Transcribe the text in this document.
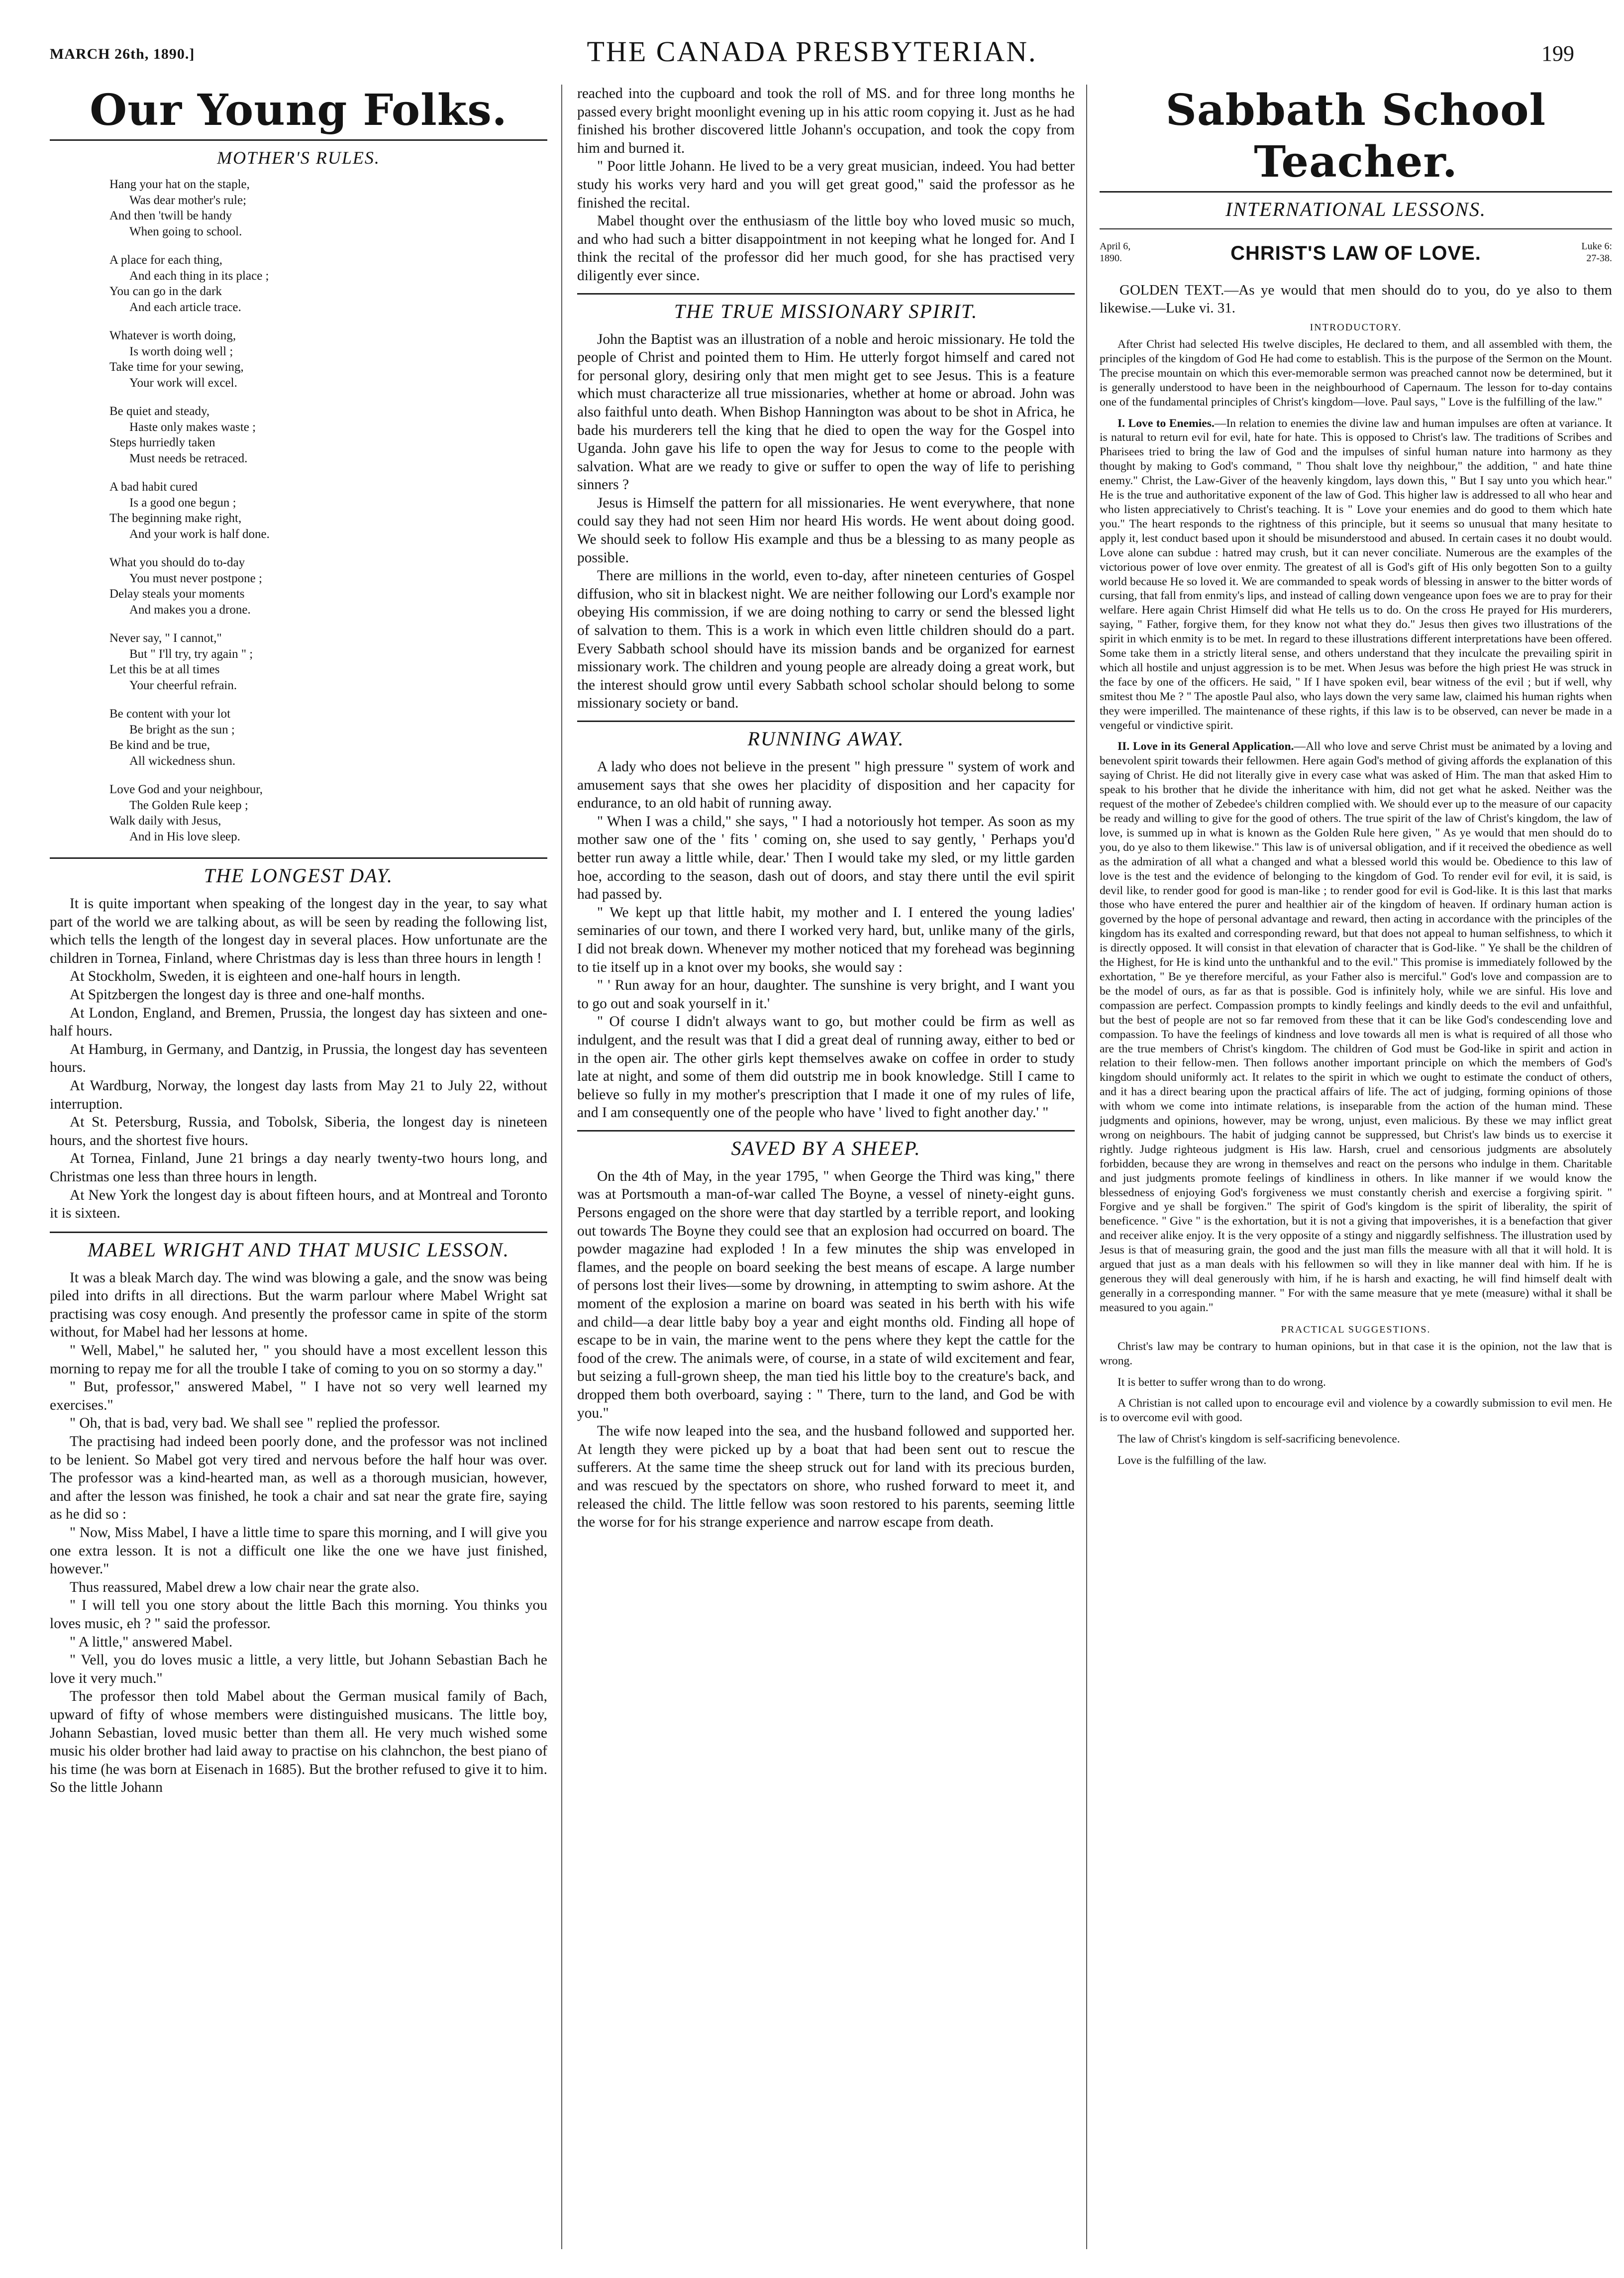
MARCH 26th, 1890.]	THE CANADA PRESBYTERIAN.	199
Our Young Folks.
MOTHER'S RULES.
Hang your hat on the staple,
Was dear mother's rule;
And then 'twill be handy
When going to school.
A place for each thing,
And each thing in its place ;
You can go in the dark
And each article trace.
Whatever is worth doing,
Is worth doing well ;
Take time for your sewing,
Your work will excel.
Be quiet and steady,
Haste only makes waste ;
Steps hurriedly taken
Must needs be retraced.
A bad habit cured
Is a good one begun ;
The beginning make right,
And your work is half done.
What you should do to-day
You must never postpone ;
Delay steals your moments
And makes you a drone.
Never say, " I cannot,"
But " I'll try, try again " ;
Let this be at all times
Your cheerful refrain.
Be content with your lot
Be bright as the sun ;
Be kind and be true,
All wickedness shun.
Love God and your neighbour,
The Golden Rule keep ;
Walk daily with Jesus,
And in His love sleep.
THE LONGEST DAY.

It is quite important when speaking of the longest day in the year, to say what part of the world we are talking about, as will be seen by reading the following list, which tells the length of the longest day in several places. How unfortunate are the children in Tornea, Finland, where Christmas day is less than three hours in length !

At Stockholm, Sweden, it is eighteen and one-half hours in length.

At Spitzbergen the longest day is three and one-half months.

At London, England, and Bremen, Prussia, the longest day has sixteen and one-half hours.

At Hamburg, in Germany, and Dantzig, in Prussia, the longest day has seventeen hours.

At Wardburg, Norway, the longest day lasts from May 21 to July 22, without interruption.

At St. Petersburg, Russia, and Tobolsk, Siberia, the longest day is nineteen hours, and the shortest five hours.

At Tornea, Finland, June 21 brings a day nearly twenty-two hours long, and Christmas one less than three hours in length.

At New York the longest day is about fifteen hours, and at Montreal and Toronto it is sixteen.

MABEL WRIGHT AND THAT MUSIC LESSON.

It was a bleak March day. The wind was blowing a gale, and the snow was being piled into drifts in all directions. But the warm parlour where Mabel Wright sat practising was cosy enough. And presently the professor came in spite of the storm without, for Mabel had her lessons at home.

" Well, Mabel," he saluted her, " you should have a most excellent lesson this morning to repay me for all the trouble I take of coming to you on so stormy a day."

" But, professor," answered Mabel, " I have not so very well learned my exercises."

" Oh, that is bad, very bad. We shall see " replied the professor.

The practising had indeed been poorly done, and the professor was not inclined to be lenient. So Mabel got very tired and nervous before the half hour was over. The professor was a kind-hearted man, as well as a thorough musician, however, and after the lesson was finished, he took a chair and sat near the grate fire, saying as he did so :

" Now, Miss Mabel, I have a little time to spare this morning, and I will give you one extra lesson. It is not a difficult one like the one we have just finished, however."

Thus reassured, Mabel drew a low chair near the grate also.

" I will tell you one story about the little Bach this morning. You thinks you loves music, eh ? " said the professor.

" A little," answered Mabel.

" Vell, you do loves music a little, a very little, but Johann Sebastian Bach he love it very much."

The professor then told Mabel about the German musical family of Bach, upward of fifty of whose members were distinguished musicans. The little boy, Johann Sebastian, loved music better than them all. He very much wished some music his older brother had laid away to practise on his clahnchon, the best piano of his time (he was born at Eisenach in 1685). But the brother refused to give it to him. So the little Johann

reached into the cupboard and took the roll of MS. and for three long months he passed every bright moonlight evening up in his attic room copying it. Just as he had finished his brother discovered little Johann's occupation, and took the copy from him and burned it.

" Poor little Johann. He lived to be a very great musician, indeed. You had better study his works very hard and you will get great good," said the professor as he finished the recital.

Mabel thought over the enthusiasm of the little boy who loved music so much, and who had such a bitter disappointment in not keeping what he longed for. And I think the recital of the professor did her much good, for she has practised very diligently ever since.

THE TRUE MISSIONARY SPIRIT.

John the Baptist was an illustration of a noble and heroic missionary. He told the people of Christ and pointed them to Him. He utterly forgot himself and cared not for personal glory, desiring only that men might get to see Jesus. This is a feature which must characterize all true missionaries, whether at home or abroad. John was also faithful unto death. When Bishop Hannington was about to be shot in Africa, he bade his murderers tell the king that he died to open the way for the Gospel into Uganda. John gave his life to open the way for Jesus to come to the people with salvation. What are we ready to give or suffer to open the way of life to perishing sinners ?

Jesus is Himself the pattern for all missionaries. He went everywhere, that none could say they had not seen Him nor heard His words. He went about doing good. We should seek to follow His example and thus be a blessing to as many people as possible.

There are millions in the world, even to-day, after nineteen centuries of Gospel diffusion, who sit in blackest night. We are neither following our Lord's example nor obeying His commission, if we are doing nothing to carry or send the blessed light of salvation to them. This is a work in which even little children should do a part. Every Sabbath school should have its mission bands and be organized for earnest missionary work. The children and young people are already doing a great work, but the interest should grow until every Sabbath school scholar should belong to some missionary society or band.

RUNNING AWAY.

A lady who does not believe in the present " high pressure " system of work and amusement says that she owes her placidity of disposition and her capacity for endurance, to an old habit of running away.

" When I was a child," she says, " I had a notoriously hot temper. As soon as my mother saw one of the ' fits ' coming on, she used to say gently, ' Perhaps you'd better run away a little while, dear.' Then I would take my sled, or my little garden hoe, according to the season, dash out of doors, and stay there until the evil spirit had passed by.

" We kept up that little habit, my mother and I. I entered the young ladies' seminaries of our town, and there I worked very hard, but, unlike many of the girls, I did not break down. Whenever my mother noticed that my forehead was beginning to tie itself up in a knot over my books, she would say :

" ' Run away for an hour, daughter. The sunshine is very bright, and I want you to go out and soak yourself in it.'

" Of course I didn't always want to go, but mother could be firm as well as indulgent, and the result was that I did a great deal of running away, either to bed or in the open air. The other girls kept themselves awake on coffee in order to study late at night, and some of them did outstrip me in book knowledge. Still I came to believe so fully in my mother's prescription that I made it one of my rules of life, and I am consequently one of the people who have ' lived to fight another day.' "

SAVED BY A SHEEP.

On the 4th of May, in the year 1795, " when George the Third was king," there was at Portsmouth a man-of-war called The Boyne, a vessel of ninety-eight guns. Persons engaged on the shore were that day startled by a terrible report, and looking out towards The Boyne they could see that an explosion had occurred on board. The powder magazine had exploded ! In a few minutes the ship was enveloped in flames, and the people on board seeking the best means of escape. A large number of persons lost their lives—some by drowning, in attempting to swim ashore. At the moment of the explosion a marine on board was seated in his berth with his wife and child—a dear little baby boy a year and eight months old. Finding all hope of escape to be in vain, the marine went to the pens where they kept the cattle for the food of the crew. The animals were, of course, in a state of wild excitement and fear, but seizing a full-grown sheep, the man tied his little boy to the creature's back, and dropped them both overboard, saying : " There, turn to the land, and God be with you."

The wife now leaped into the sea, and the husband followed and supported her. At length they were picked up by a boat that had been sent out to rescue the sufferers. At the same time the sheep struck out for land with its precious burden, and was rescued by the spectators on shore, who rushed forward to meet it, and released the child. The little fellow was soon restored to his parents, seeming little the worse for for his strange experience and narrow escape from death.

Sabbath School Teacher.
INTERNATIONAL LESSONS.
April 6,
1890.	CHRIST'S LAW OF LOVE.	Luke 6:
27-38.

GOLDEN TEXT.—As ye would that men should do to you, do ye also to them likewise.—Luke vi. 31.

INTRODUCTORY.

After Christ had selected His twelve disciples, He declared to them, and all assembled with them, the principles of the kingdom of God He had come to establish. This is the purpose of the Sermon on the Mount. The precise mountain on which this ever-memorable sermon was preached cannot now be determined, but it is generally understood to have been in the neighbourhood of Capernaum. The lesson for to-day contains one of the fundamental principles of Christ's kingdom—love. Paul says, " Love is the fulfilling of the law."

I. Love to Enemies.—In relation to enemies the divine law and human impulses are often at variance. It is natural to return evil for evil, hate for hate. This is opposed to Christ's law. The traditions of Scribes and Pharisees tried to bring the law of God and the impulses of sinful human nature into harmony as they thought by making to God's command, " Thou shalt love thy neighbour," the addition, " and hate thine enemy." Christ, the Law-Giver of the heavenly kingdom, lays down this, " But I say unto you which hear." He is the true and authoritative exponent of the law of God. This higher law is addressed to all who hear and who listen appreciatively to Christ's teaching. It is " Love your enemies and do good to them which hate you." The heart responds to the rightness of this principle, but it seems so unusual that many hesitate to apply it, lest conduct based upon it should be misunderstood and abused. In certain cases it no doubt would. Love alone can subdue : hatred may crush, but it can never conciliate. Numerous are the examples of the victorious power of love over enmity. The greatest of all is God's gift of His only begotten Son to a guilty world because He so loved it. We are commanded to speak words of blessing in answer to the bitter words of cursing, that fall from enmity's lips, and instead of calling down vengeance upon foes we are to pray for their welfare. Here again Christ Himself did what He tells us to do. On the cross He prayed for His murderers, saying, " Father, forgive them, for they know not what they do." Jesus then gives two illustrations of the spirit in which enmity is to be met. In regard to these illustrations different interpretations have been offered. Some take them in a strictly literal sense, and others understand that they inculcate the prevailing spirit in which all hostile and unjust aggression is to be met. When Jesus was before the high priest He was struck in the face by one of the officers. He said, " If I have spoken evil, bear witness of the evil ; but if well, why smitest thou Me ? " The apostle Paul also, who lays down the very same law, claimed his human rights when they were imperilled. The maintenance of these rights, if this law is to be observed, can never be made in a vengeful or vindictive spirit.

II. Love in its General Application.—All who love and serve Christ must be animated by a loving and benevolent spirit towards their fellowmen. Here again God's method of giving affords the explanation of this saying of Christ. He did not literally give in every case what was asked of Him. The man that asked Him to speak to his brother that he divide the inheritance with him, did not get what he asked. Neither was the request of the mother of Zebedee's children complied with. We should ever up to the measure of our capacity be ready and willing to give for the good of others. The true spirit of the law of Christ's kingdom, the law of love, is summed up in what is known as the Golden Rule here given, " As ye would that men should do to you, do ye also to them likewise." This law is of universal obligation, and if it received the obedience as well as the admiration of all what a changed and what a blessed world this would be. Obedience to this law of love is the test and the evidence of belonging to the kingdom of God. To render evil for evil, it is said, is devil like, to render good for good is man-like ; to render good for evil is God-like. It is this last that marks those who have entered the purer and healthier air of the kingdom of heaven. If ordinary human action is governed by the hope of personal advantage and reward, then acting in accordance with the principles of the kingdom has its exalted and corresponding reward, but that does not appeal to human selfishness, to which it is directly opposed. It will consist in that elevation of character that is God-like. " Ye shall be the children of the Highest, for He is kind unto the unthankful and to the evil." This promise is immediately followed by the exhortation, " Be ye therefore merciful, as your Father also is merciful." God's love and compassion are to be the model of ours, as far as that is possible. God is infinitely holy, while we are sinful. His love and compassion are perfect. Compassion prompts to kindly feelings and kindly deeds to the evil and unfaithful, but the best of people are not so far removed from these that it can be like God's condescending love and compassion. To have the feelings of kindness and love towards all men is what is required of all those who are the true members of Christ's kingdom. The children of God must be God-like in spirit and action in relation to their fellow-men. Then follows another important principle on which the members of God's kingdom should uniformly act. It relates to the spirit in which we ought to estimate the conduct of others, and it has a direct bearing upon the practical affairs of life. The act of judging, forming opinions of those with whom we come into intimate relations, is inseparable from the action of the human mind. These judgments and opinions, however, may be wrong, unjust, even malicious. By these we may inflict great wrong on neighbours. The habit of judging cannot be suppressed, but Christ's law binds us to exercise it rightly. Judge righteous judgment is His law. Harsh, cruel and censorious judgments are absolutely forbidden, because they are wrong in themselves and react on the persons who indulge in them. Charitable and just judgments promote feelings of kindliness in others. In like manner if we would know the blessedness of enjoying God's forgiveness we must constantly cherish and exercise a forgiving spirit. " Forgive and ye shall be forgiven." The spirit of God's kingdom is the spirit of liberality, the spirit of beneficence. " Give " is the exhortation, but it is not a giving that impoverishes, it is a benefaction that giver and receiver alike enjoy. It is the very opposite of a stingy and niggardly selfishness. The illustration used by Jesus is that of measuring grain, the good and the just man fills the measure with all that it will hold. It is argued that just as a man deals with his fellowmen so will they in like manner deal with him. If he is generous they will deal generously with him, if he is harsh and exacting, he will find himself dealt with generally in a corresponding manner. " For with the same measure that ye mete (measure) withal it shall be measured to you again."

PRACTICAL SUGGESTIONS.

Christ's law may be contrary to human opinions, but in that case it is the opinion, not the law that is wrong.

It is better to suffer wrong than to do wrong.

A Christian is not called upon to encourage evil and violence by a cowardly submission to evil men. He is to overcome evil with good.

The law of Christ's kingdom is self-sacrificing benevolence.

Love is the fulfilling of the law.
